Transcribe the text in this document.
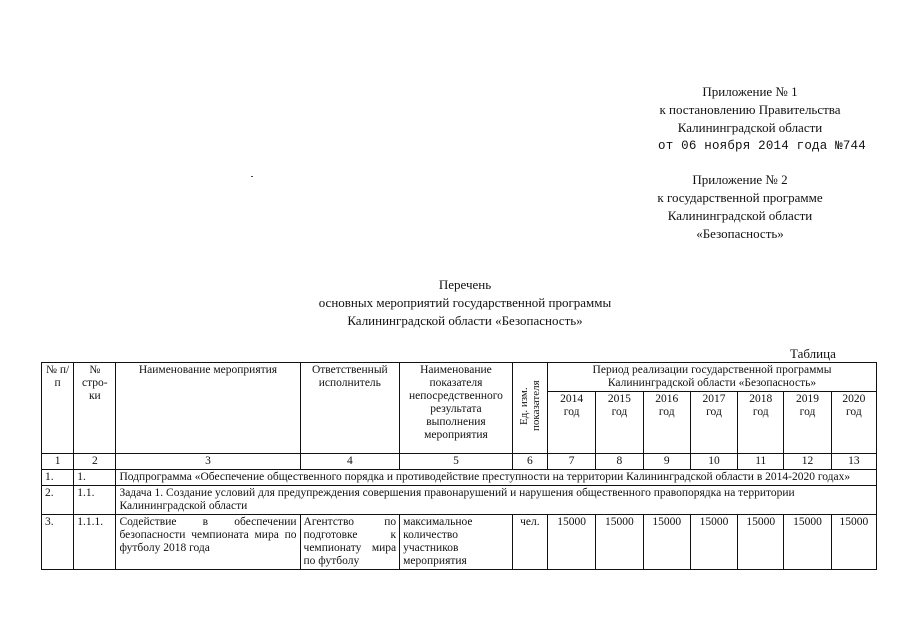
Приложение № 1
к постановлению Правительства
Калининградской области
от 06 ноября 2014 года №744
Приложение № 2
к государственной программе
Калининградской области
«Безопасность»
Перечень
основных мероприятий государственной программы
Калининградской области «Безопасность»
Таблица
№ п/п	№ стро-ки	Наименование мероприятия	Ответственный исполнитель	Наименование показателя непосредственного результата выполнения мероприятия	Ед. изм. показателя	Период реализации государственной программы Калининградской области «Безопасность»						
						2014 год	2015 год	2016 год	2017 год	2018 год	2019 год	2020 год
1	2	3	4	5	6	7	8	9	10	11	12	13
1.	1.	Подпрограмма «Обеспечение общественного порядка и противодействие преступности на территории Калининградской области в 2014-2020 годах»										
2.	1.1.	Задача 1. Создание условий для предупреждения совершения правонарушений и нарушения общественного правопорядка на территории Калининградской области										
3.	1.1.1.	Содействие в обеспечении безопасности чемпионата мира по футболу 2018 года	Агентство по подготовке к чемпионату мира по футболу	максимальное количество участников мероприятия	чел.	15000	15000	15000	15000	15000	15000	15000
